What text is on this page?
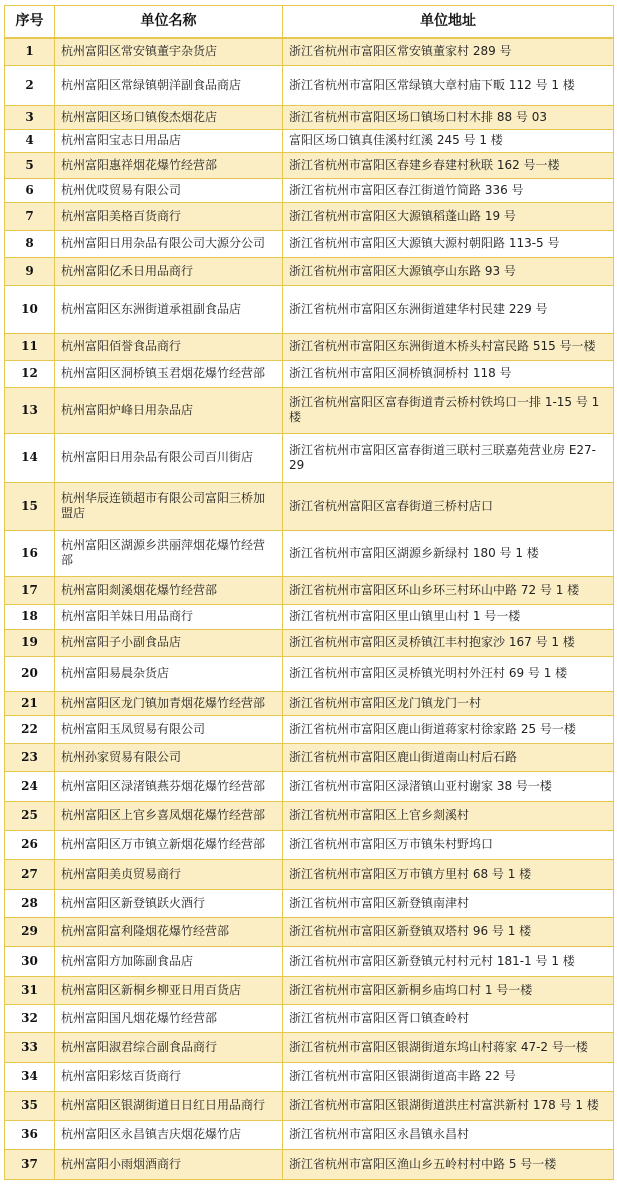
序号	单位名称	单位地址
1	杭州富阳区常安镇董宇杂货店	浙江省杭州市富阳区常安镇董家村 289 号
2	杭州富阳区常绿镇朝洋副食品商店	浙江省杭州市富阳区常绿镇大章村庙下畈 112 号 1 楼
3	杭州富阳区场口镇俊杰烟花店	浙江省杭州市富阳区场口镇场口村木排 88 号 03
4	杭州富阳宝志日用品店	富阳区场口镇真佳溪村红溪 245 号 1 楼
5	杭州富阳惠祥烟花爆竹经营部	浙江省杭州市富阳区春建乡春建村秋联 162 号一楼
6	杭州优哎贸易有限公司	浙江省杭州市富阳区春江街道竹简路 336 号
7	杭州富阳美格百货商行	浙江省杭州市富阳区大源镇稻蓬山路 19 号
8	杭州富阳日用杂品有限公司大源分公司	浙江省杭州市富阳区大源镇大源村朝阳路 113-5 号
9	杭州富阳亿禾日用品商行	浙江省杭州市富阳区大源镇亭山东路 93 号
10	杭州富阳区东洲街道承祖副食品店	浙江省杭州市富阳区东洲街道建华村民建 229 号
11	杭州富阳佰誉食品商行	浙江省杭州市富阳区东洲街道木桥头村富民路 515 号一楼
12	杭州富阳区洞桥镇玉君烟花爆竹经营部	浙江省杭州市富阳区洞桥镇洞桥村 118 号
13	杭州富阳炉峰日用杂品店	浙江省杭州富阳区富春街道青云桥村铁坞口一排 1-15 号 1 楼
14	杭州富阳日用杂品有限公司百川街店	浙江省杭州市富阳区富春街道三联村三联嘉苑营业房 E27-29
15	杭州华辰连锁超市有限公司富阳三桥加盟店	浙江省杭州富阳区富春街道三桥村店口
16	杭州富阳区湖源乡洪丽萍烟花爆竹经营部	浙江省杭州市富阳区湖源乡新绿村 180 号 1 楼
17	杭州富阳剡溪烟花爆竹经营部	浙江省杭州市富阳区环山乡环三村环山中路 72 号 1 楼
18	杭州富阳羊妹日用品商行	浙江省杭州市富阳区里山镇里山村 1 号一楼
19	杭州富阳子小副食品店	浙江省杭州市富阳区灵桥镇江丰村抱家沙 167 号 1 楼
20	杭州富阳易晨杂货店	浙江省杭州市富阳区灵桥镇光明村外汪村 69 号 1 楼
21	杭州富阳区龙门镇加青烟花爆竹经营部	浙江省杭州市富阳区龙门镇龙门一村
22	杭州富阳玉凤贸易有限公司	浙江省杭州市富阳区鹿山街道蒋家村徐家路 25 号一楼
23	杭州孙家贸易有限公司	浙江省杭州市富阳区鹿山街道南山村后石路
24	杭州富阳区渌渚镇燕芬烟花爆竹经营部	浙江省杭州市富阳区渌渚镇山亚村谢家 38 号一楼
25	杭州富阳区上官乡喜凤烟花爆竹经营部	浙江省杭州市富阳区上官乡剡溪村
26	杭州富阳区万市镇立新烟花爆竹经营部	浙江省杭州市富阳区万市镇朱村野坞口
27	杭州富阳美贞贸易商行	浙江省杭州市富阳区万市镇方里村 68 号 1 楼
28	杭州富阳区新登镇跃火酒行	浙江省杭州市富阳区新登镇南津村
29	杭州富阳富利隆烟花爆竹经营部	浙江省杭州市富阳区新登镇双塔村 96 号 1 楼
30	杭州富阳方加陈副食品店	浙江省杭州市富阳区新登镇元村村元村 181-1 号 1 楼
31	杭州富阳区新桐乡柳亚日用百货店	浙江省杭州市富阳区新桐乡庙坞口村 1 号一楼
32	杭州富阳国凡烟花爆竹经营部	浙江省杭州市富阳区胥口镇查岭村
33	杭州富阳淑君综合副食品商行	浙江省杭州市富阳区银湖街道东坞山村蒋家 47-2 号一楼
34	杭州富阳彩炫百货商行	浙江省杭州市富阳区银湖街道高丰路 22 号
35	杭州富阳区银湖街道日日红日用品商行	浙江省杭州市富阳区银湖街道洪庄村富洪新村 178 号 1 楼
36	杭州富阳区永昌镇吉庆烟花爆竹店	浙江省杭州市富阳区永昌镇永昌村
37	杭州富阳小雨烟酒商行	浙江省杭州市富阳区渔山乡五岭村村中路 5 号一楼
